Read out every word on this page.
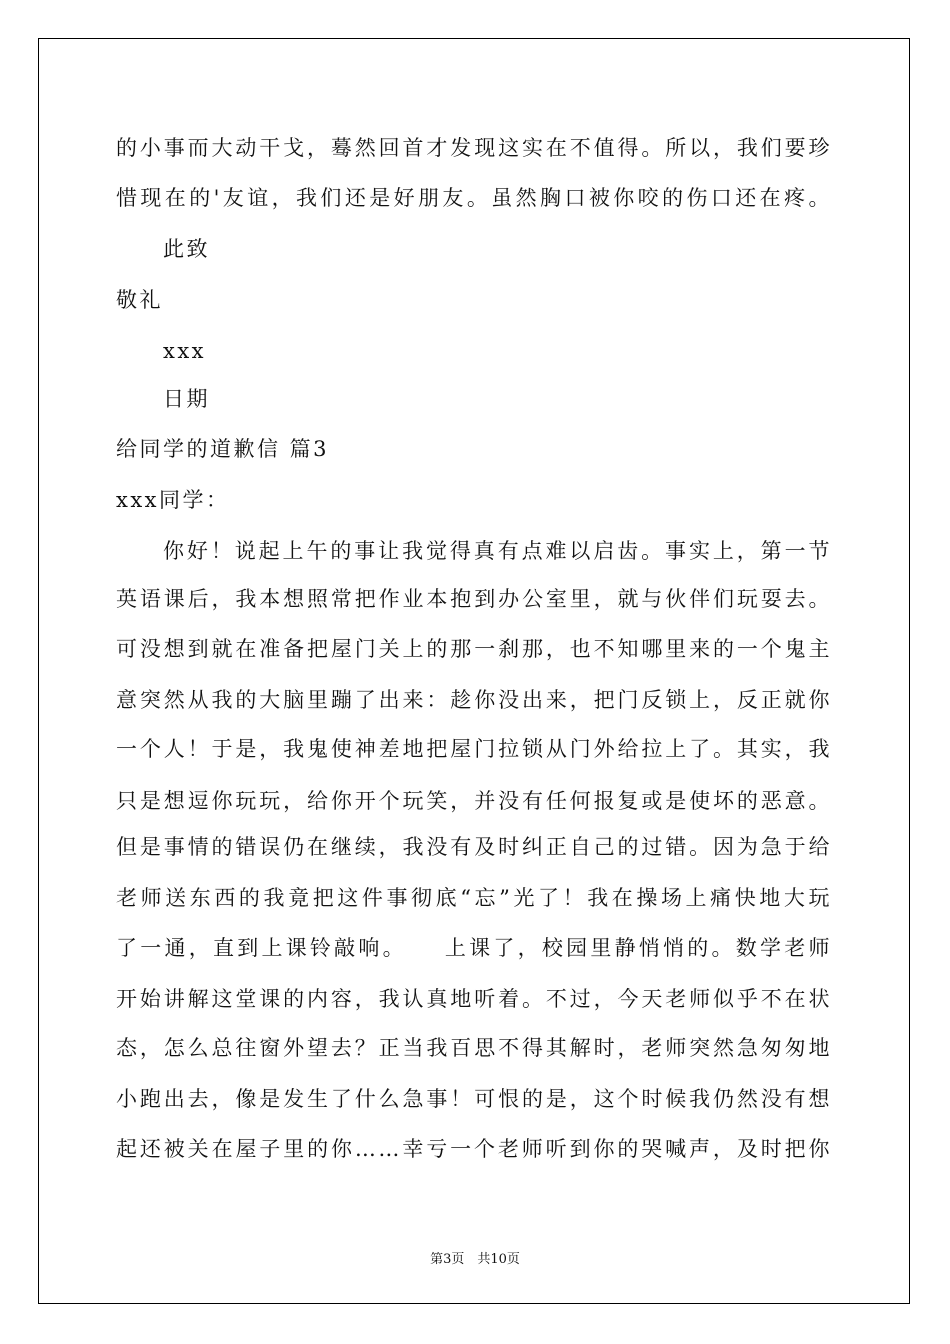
的小事而大动干戈，蓦然回首才发现这实在不值得。所以，我们要珍

惜现在的'友谊，我们还是好朋友。虽然胸口被你咬的伤口还在疼。

此致

敬礼

xxx

日期

给同学的道歉信 篇3

xxx同学：

你好！说起上午的事让我觉得真有点难以启齿。事实上，第一节

英语课后，我本想照常把作业本抱到办公室里，就与伙伴们玩耍去。

可没想到就在准备把屋门关上的那一刹那，也不知哪里来的一个鬼主

意突然从我的大脑里蹦了出来：趁你没出来，把门反锁上，反正就你

一个人！于是，我鬼使神差地把屋门拉锁从门外给拉上了。其实，我

只是想逗你玩玩，给你开个玩笑，并没有任何报复或是使坏的恶意。

但是事情的错误仍在继续，我没有及时纠正自己的过错。因为急于给

老师送东西的我竟把这件事彻底“忘”光了！我在操场上痛快地大玩

了一通，直到上课铃敲响。　　上课了，校园里静悄悄的。数学老师

开始讲解这堂课的内容，我认真地听着。不过，今天老师似乎不在状

态，怎么总往窗外望去？正当我百思不得其解时，老师突然急匆匆地

小跑出去，像是发生了什么急事！可恨的是，这个时候我仍然没有想

起还被关在屋子里的你……幸亏一个老师听到你的哭喊声，及时把你

第3页　共10页
